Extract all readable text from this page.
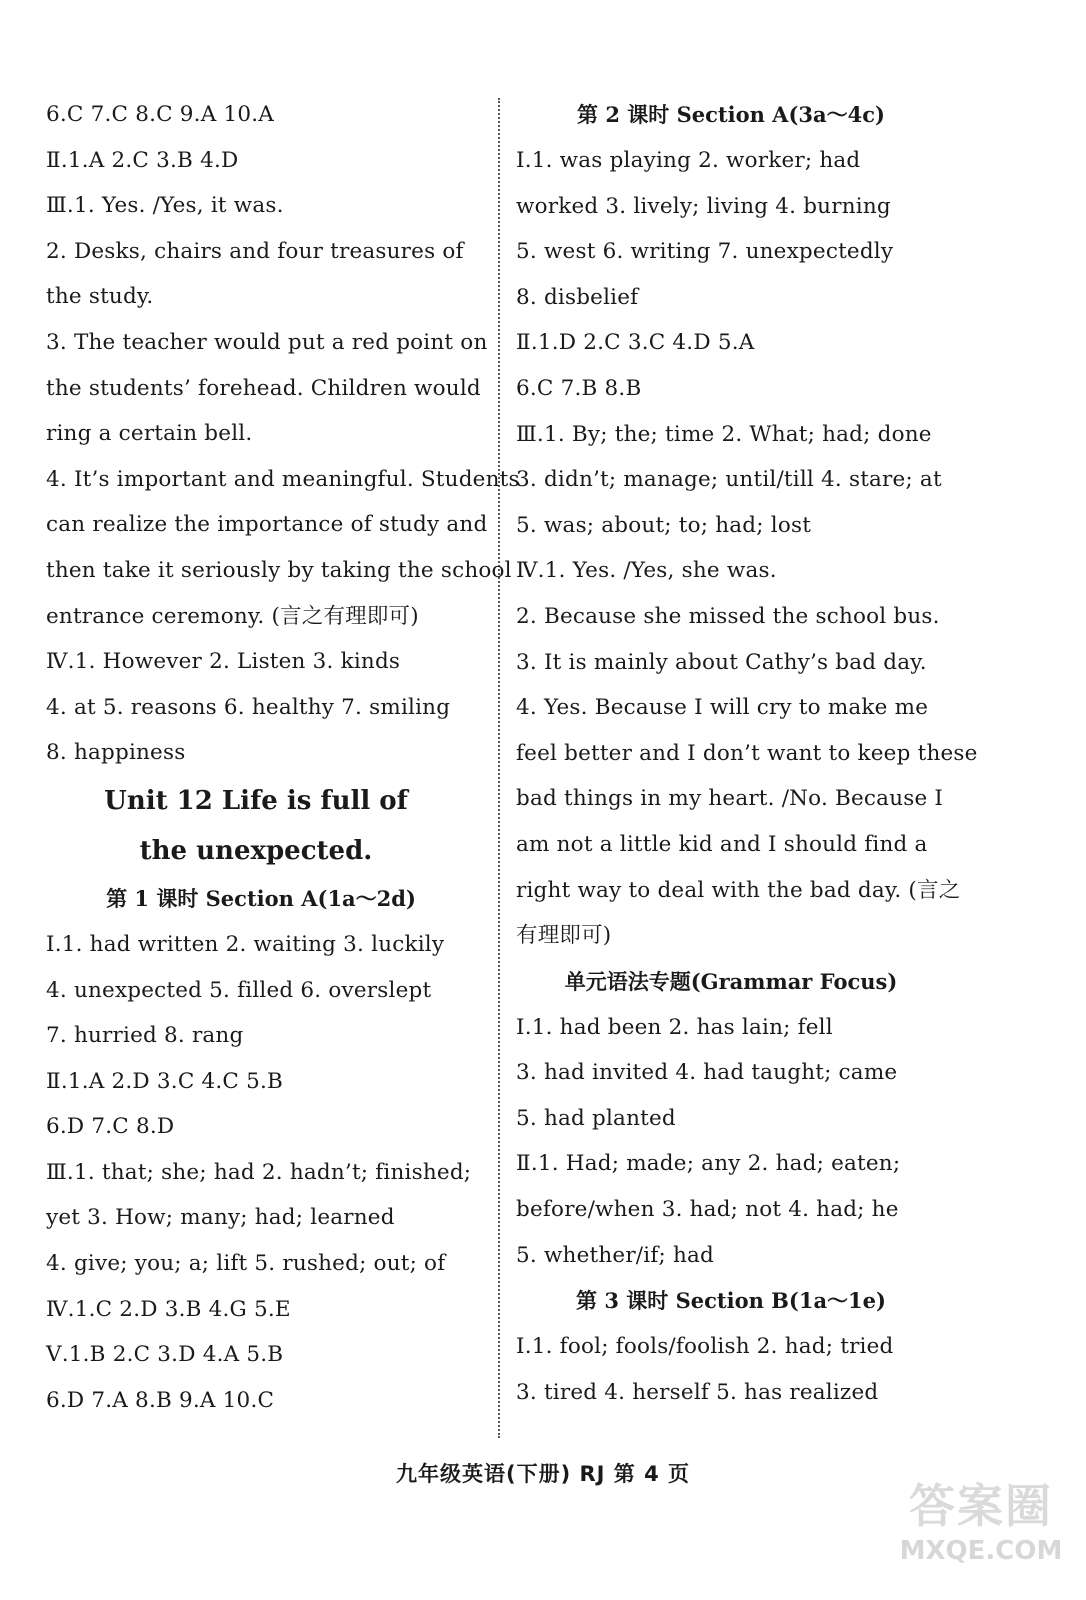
6.C 7.C 8.C 9.A 10.A
Ⅱ.1.A 2.C 3.B 4.D
Ⅲ.1. Yes. /Yes, it was.
2. Desks, chairs and four treasures of
the study.
3. The teacher would put a red point on
the students’ forehead. Children would
ring a certain bell.
4. It’s important and meaningful. Students
can realize the importance of study and
then take it seriously by taking the school
entrance ceremony. (言之有理即可)
Ⅳ.1. However 2. Listen 3. kinds
4. at 5. reasons 6. healthy 7. smiling
8. happiness
Unit 12 Life is full of
the unexpected.
第 1 课时 Section A(1a～2d)
Ⅰ.1. had written 2. waiting 3. luckily
4. unexpected 5. filled 6. overslept
7. hurried 8. rang
Ⅱ.1.A 2.D 3.C 4.C 5.B
6.D 7.C 8.D
Ⅲ.1. that; she; had 2. hadn’t; finished;
yet 3. How; many; had; learned
4. give; you; a; lift 5. rushed; out; of
Ⅳ.1.C 2.D 3.B 4.G 5.E
Ⅴ.1.B 2.C 3.D 4.A 5.B
6.D 7.A 8.B 9.A 10.C
第 2 课时 Section A(3a～4c)
Ⅰ.1. was playing 2. worker; had
worked 3. lively; living 4. burning
5. west 6. writing 7. unexpectedly
8. disbelief
Ⅱ.1.D 2.C 3.C 4.D 5.A
6.C 7.B 8.B
Ⅲ.1. By; the; time 2. What; had; done
3. didn’t; manage; until/till 4. stare; at
5. was; about; to; had; lost
Ⅳ.1. Yes. /Yes, she was.
2. Because she missed the school bus.
3. It is mainly about Cathy’s bad day.
4. Yes. Because I will cry to make me
feel better and I don’t want to keep these
bad things in my heart. /No. Because I
am not a little kid and I should find a
right way to deal with the bad day. (言之
有理即可)
单元语法专题(Grammar Focus)
Ⅰ.1. had been 2. has lain; fell
3. had invited 4. had taught; came
5. had planted
Ⅱ.1. Had; made; any 2. had; eaten;
before/when 3. had; not 4. had; he
5. whether/if; had
第 3 课时 Section B(1a～1e)
Ⅰ.1. fool; fools/foolish 2. had; tried
3. tired 4. herself 5. has realized
九年级英语(下册) RJ 第 4 页
答案圈
MXQE.COM
